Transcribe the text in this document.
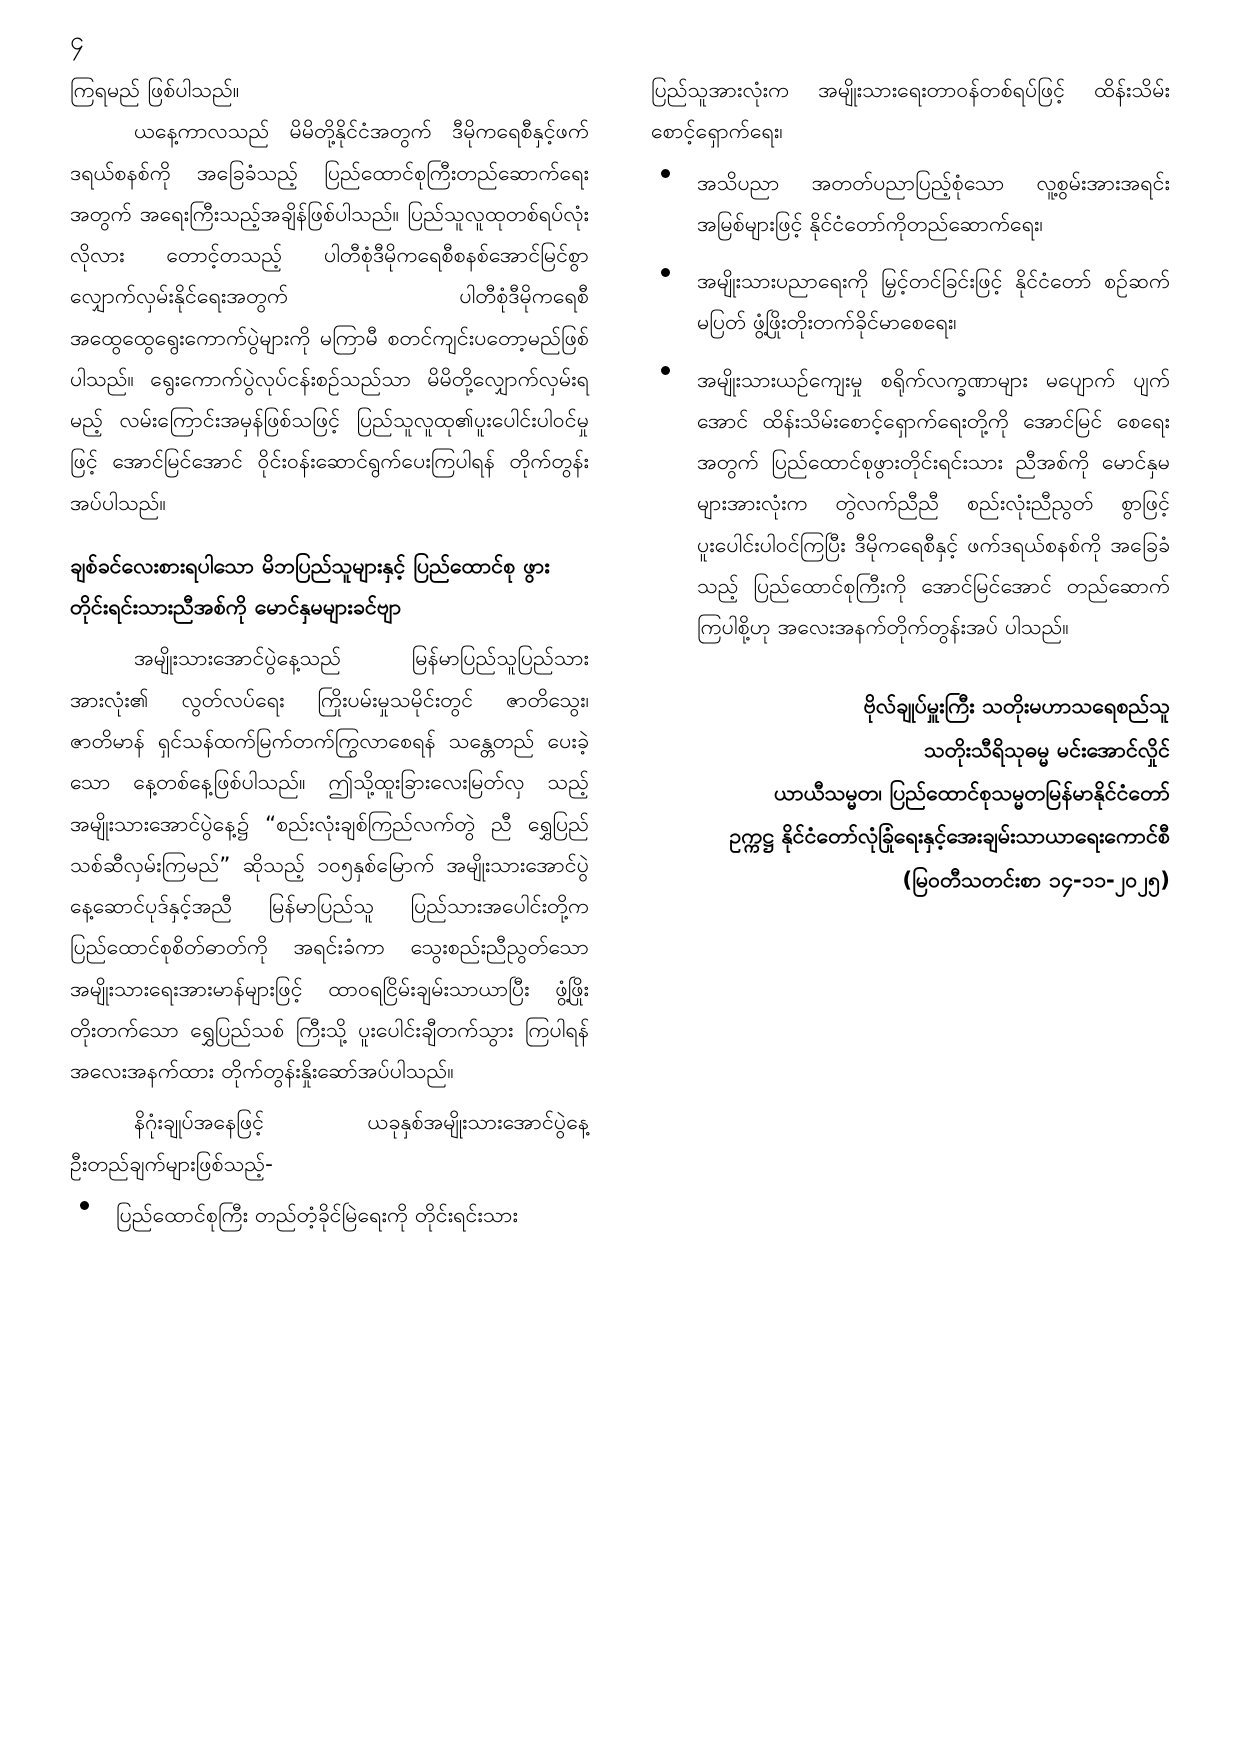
၄

ကြရမည် ဖြစ်ပါသည်။

ယနေ့ကာလသည် မိမိတို့နိုင်ငံအတွက် ဒီမိုကရေစီနှင့်ဖက်ဒရယ်စနစ်ကို အခြေခံသည့် ပြည်ထောင်စုကြီးတည်ဆောက်ရေးအတွက် အရေးကြီးသည့်အချိန်ဖြစ်ပါသည်။ ပြည်သူလူထုတစ်ရပ်လုံးလိုလား တောင့်တသည့် ပါတီစုံဒီမိုကရေစီစနစ်အောင်မြင်စွာ လျှောက်လှမ်းနိုင်ရေးအတွက် ပါတီစုံဒီမိုကရေစီအထွေထွေရွေးကောက်ပွဲများကို မကြာမီ စတင်ကျင်းပတော့မည်ဖြစ်ပါသည်။ ရွေးကောက်ပွဲလုပ်ငန်းစဉ်သည်သာ မိမိတို့လျှောက်လှမ်းရမည့် လမ်းကြောင်းအမှန်ဖြစ်သဖြင့် ပြည်သူလူထု၏ပူးပေါင်းပါဝင်မှုဖြင့် အောင်မြင်အောင် ဝိုင်းဝန်းဆောင်ရွက်ပေးကြပါရန် တိုက်တွန်းအပ်ပါသည်။

ချစ်ခင်လေးစားရပါသော မိဘပြည်သူများနှင့် ပြည်ထောင်စု ဖွားတိုင်းရင်းသားညီအစ်ကို မောင်နှမများခင်ဗျာ

အမျိုးသားအောင်ပွဲနေ့သည် မြန်မာပြည်သူပြည်သား အားလုံး၏ လွတ်လပ်ရေး ကြိုးပမ်းမှုသမိုင်းတွင် ဇာတိသွေး၊ ဇာတိမာန် ရှင်သန်ထက်မြက်တက်ကြွလာစေရန် သန္တေတည် ပေးခဲ့သော နေ့တစ်နေ့ဖြစ်ပါသည်။ ဤသို့ထူးခြားလေးမြတ်လှ သည့် အမျိုးသားအောင်ပွဲနေ့၌ “စည်းလုံးချစ်ကြည်လက်တွဲ ညီ ရွှေပြည်သစ်ဆီလှမ်းကြမည်” ဆိုသည့် ၁၀၅နှစ်မြောက် အမျိုးသားအောင်ပွဲနေ့ဆောင်ပုဒ်နှင့်အညီ မြန်မာပြည်သူ ပြည်သားအပေါင်းတို့က ပြည်ထောင်စုစိတ်ဓာတ်ကို အရင်းခံကာ သွေးစည်းညီညွတ်သော အမျိုးသားရေးအားမာန်များဖြင့် ထာဝရငြိမ်းချမ်းသာယာပြီး ဖွံ့ဖြိုးတိုးတက်သော ရွှေပြည်သစ် ကြီးသို့ ပူးပေါင်းချီတက်သွား ကြပါရန် အလေးအနက်ထား တိုက်တွန်းနှိုးဆော်အပ်ပါသည်။

နိဂုံးချုပ်အနေဖြင့် ယခုနှစ်အမျိုးသားအောင်ပွဲနေ့ ဦးတည်ချက်များဖြစ်သည့်-

ပြည်ထောင်စုကြီး တည်တံ့ခိုင်မြဲရေးကို တိုင်းရင်းသား

ပြည်သူအားလုံးက အမျိုးသားရေးတာဝန်တစ်ရပ်ဖြင့် ထိန်းသိမ်းစောင့်ရှောက်ရေး၊

အသိပညာ အတတ်ပညာပြည့်စုံသော လူ့စွမ်းအားအရင်း အမြစ်များဖြင့် နိုင်ငံတော်ကိုတည်ဆောက်ရေး၊
အမျိုးသားပညာရေးကို မြှင့်တင်ခြင်းဖြင့် နိုင်ငံတော် စဉ်ဆက်မပြတ် ဖွံ့ဖြိုးတိုးတက်ခိုင်မာစေရေး၊
အမျိုးသားယဉ်ကျေးမှု စရိုက်လက္ခဏာများ မပျောက် ပျက်အောင် ထိန်းသိမ်းစောင့်ရှောက်ရေးတို့ကို အောင်မြင် စေရေးအတွက် ပြည်ထောင်စုဖွားတိုင်းရင်းသား ညီအစ်ကို မောင်နှမများအားလုံးက တွဲလက်ညီညီ စည်းလုံးညီညွတ် စွာဖြင့် ပူးပေါင်းပါဝင်ကြပြီး ဒီမိုကရေစီနှင့် ဖက်ဒရယ်စနစ်ကို အခြေခံသည့် ပြည်ထောင်စုကြီးကို အောင်မြင်အောင် တည်ဆောက်ကြပါစို့ဟု အလေးအနက်တိုက်တွန်းအပ် ပါသည်။
ဗိုလ်ချုပ်မှူးကြီး သတိုးမဟာသရေစည်သူ
သတိုးသီရိသုဓမ္မ မင်းအောင်လှိုင်
ယာယီသမ္မတ၊ ပြည်ထောင်စုသမ္မတမြန်မာနိုင်ငံတော်
ဥက္ကဋ္ဌ နိုင်ငံတော်လုံခြုံရေးနှင့်အေးချမ်းသာယာရေးကောင်စီ
(မြဝတီသတင်းစာ ၁၄-၁၁-၂၀၂၅)
